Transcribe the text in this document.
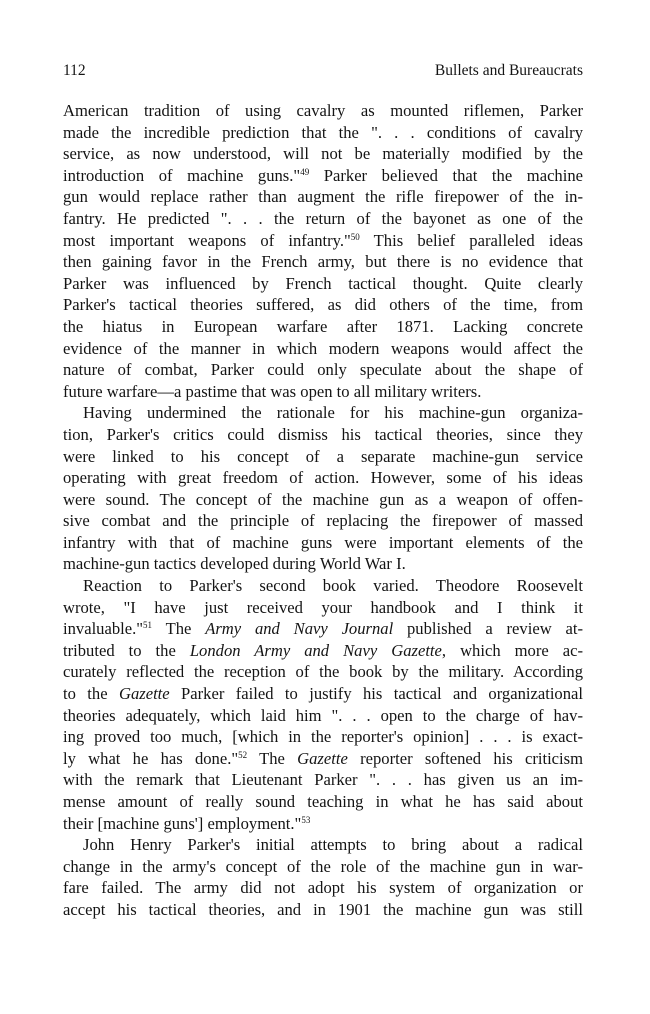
112	Bullets and Bureaucrats
American tradition of using cavalry as mounted riflemen, Parker
made the incredible prediction that the ". . . conditions of cavalry
service, as now understood, will not be materially modified by the
introduction of machine guns."$^{49}$ Parker believed that the machine
gun would replace rather than augment the rifle firepower of the in-
fantry. He predicted ". . . the return of the bayonet as one of the
most important weapons of infantry."$^{50}$ This belief paralleled ideas
then gaining favor in the French army, but there is no evidence that
Parker was influenced by French tactical thought. Quite clearly
Parker's tactical theories suffered, as did others of the time, from
the hiatus in European warfare after 1871. Lacking concrete
evidence of the manner in which modern weapons would affect the
nature of combat, Parker could only speculate about the shape of
future warfare—a pastime that was open to all military writers.
Having undermined the rationale for his machine-gun organiza-
tion, Parker's critics could dismiss his tactical theories, since they
were linked to his concept of a separate machine-gun service
operating with great freedom of action. However, some of his ideas
were sound. The concept of the machine gun as a weapon of offen-
sive combat and the principle of replacing the firepower of massed
infantry with that of machine guns were important elements of the
machine-gun tactics developed during World War I.
Reaction to Parker's second book varied. Theodore Roosevelt
wrote, "I have just received your handbook and I think it
invaluable."$^{51}$ The Army and Navy Journal published a review at-
tributed to the London Army and Navy Gazette, which more ac-
curately reflected the reception of the book by the military. According
to the Gazette Parker failed to justify his tactical and organizational
theories adequately, which laid him ". . . open to the charge of hav-
ing proved too much, [which in the reporter's opinion] . . . is exact-
ly what he has done."$^{52}$ The Gazette reporter softened his criticism
with the remark that Lieutenant Parker ". . . has given us an im-
mense amount of really sound teaching in what he has said about
their [machine guns'] employment."$^{53}$
John Henry Parker's initial attempts to bring about a radical
change in the army's concept of the role of the machine gun in war-
fare failed. The army did not adopt his system of organization or
accept his tactical theories, and in 1901 the machine gun was still
